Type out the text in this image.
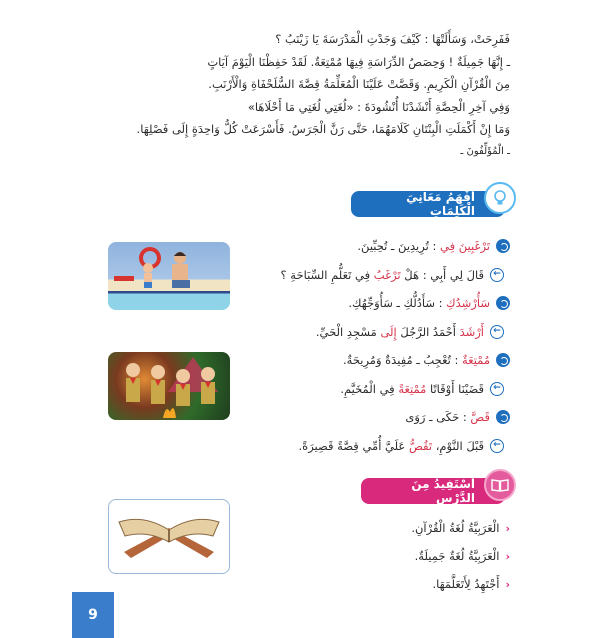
فَفَرِحَتْ، وَسَأَلَتْهَا : كَيْفَ وَجَدْتِ الْمَدْرَسَةَ يَا زَيْنَبُ ؟
ـ إِنَّهَا جَمِيلَةٌ ! وَحِصَصُ الدِّرَاسَةِ فِيهَا مُمْتِعَةٌ. لَقَدْ حَفِظْنَا الْيَوْمَ آيَاتٍ
مِنَ الْقُرْآنِ الْكَرِيمِ. وَقَصَّتْ عَلَيْنَا الْمُعَلِّمَةُ قِصَّةَ السُّلَحْفَاةِ وَالْأَرْنَبِ.
وَفِي آخِرِ الْحِصَّةِ أَنْشَدْنَا أُنْشُودَةَ : «لُغَتِي لُغَتِي مَا أَحْلَاهَا»
وَمَا إِنْ أَكْمَلَتِ الْبِنْتَانِ كَلَامَهُمَا، حَتَّى رَنَّ الْجَرَسُ. فَأَسْرَعَتْ كُلُّ وَاحِدَةٍ إِلَى فَصْلِهَا.
ـ الْمُؤَلِّفُونَ ـ
أَفْهَمُ مَعَانِيَ الْكَلِمَاتِ
تَرْغَبِينَ فِي : تُرِيدِينَ ـ تُحِبِّينَ.
←
قَالَ لِي أَبِي : هَلْ تَرْغَبُ فِي تَعَلُّمِ السِّبَاحَةِ ؟
سَأُرْشِدُكِ : سَأَدُلُّكِ ـ سَأُوَجِّهُكِ.
←
أَرْشَدَ أَحْمَدُ الرَّجُلَ إِلَى مَسْجِدِ الْحَيِّ.
مُمْتِعَةٌ : تُعْجِبُ ـ مُفِيدَةٌ وَمُرِيحَةٌ.
←
قَضَيْنَا أَوْقَاتًا مُمْتِعَةً فِي الْمُخَيَّمِ.
قَصَّ : حَكَى ـ رَوَى
←
قَبْلَ النَّوْمِ، تَقُصُّ عَلَيَّ أُمِّي قِصَّةً قَصِيرَةً.
أَسْتَفِيدُ مِنَ الدَّرْسِ
‹
الْعَرَبِيَّةُ لُغَةُ الْقُرْآنِ.
‹
الْعَرَبِيَّةُ لُغَةٌ جَمِيلَةٌ.
‹
أَجْتَهِدُ لِأَتَعَلَّمَهَا.
9
